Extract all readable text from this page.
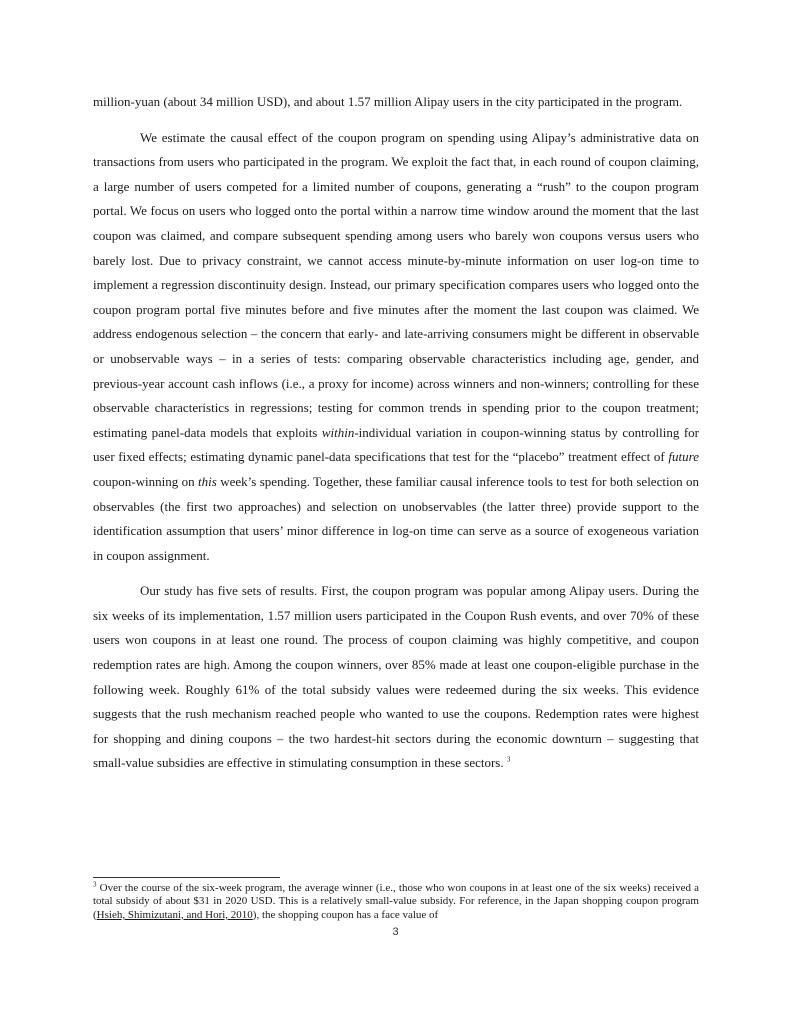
million-yuan (about 34 million USD), and about 1.57 million Alipay users in the city participated in the program.

We estimate the causal effect of the coupon program on spending using Alipay’s administrative data on transactions from users who participated in the program. We exploit the fact that, in each round of coupon claiming, a large number of users competed for a limited number of coupons, generating a “rush” to the coupon program portal. We focus on users who logged onto the portal within a narrow time window around the moment that the last coupon was claimed, and compare subsequent spending among users who barely won coupons versus users who barely lost. Due to privacy constraint, we cannot access minute-by-minute information on user log-on time to implement a regression discontinuity design. Instead, our primary specification compares users who logged onto the coupon program portal five minutes before and five minutes after the moment the last coupon was claimed. We address endogenous selection – the concern that early- and late-arriving consumers might be different in observable or unobservable ways – in a series of tests: comparing observable characteristics including age, gender, and previous-year account cash inflows (i.e., a proxy for income) across winners and non-winners; controlling for these observable characteristics in regressions; testing for common trends in spending prior to the coupon treatment; estimating panel-data models that exploits within-individual variation in coupon-winning status by controlling for user fixed effects; estimating dynamic panel-data specifications that test for the “placebo” treatment effect of future coupon-winning on this week’s spending. Together, these familiar causal inference tools to test for both selection on observables (the first two approaches) and selection on unobservables (the latter three) provide support to the identification assumption that users’ minor difference in log-on time can serve as a source of exogeneous variation in coupon assignment.

Our study has five sets of results. First, the coupon program was popular among Alipay users. During the six weeks of its implementation, 1.57 million users participated in the Coupon Rush events, and over 70% of these users won coupons in at least one round. The process of coupon claiming was highly competitive, and coupon redemption rates are high. Among the coupon winners, over 85% made at least one coupon-eligible purchase in the following week. Roughly 61% of the total subsidy values were redeemed during the six weeks. This evidence suggests that the rush mechanism reached people who wanted to use the coupons. Redemption rates were highest for shopping and dining coupons – the two hardest-hit sectors during the economic downturn – suggesting that small-value subsidies are effective in stimulating consumption in these sectors. $^3$

$^3$ Over the course of the six-week program, the average winner (i.e., those who won coupons in at least one of the six weeks) received a total subsidy of about $31 in 2020 USD. This is a relatively small-value subsidy. For reference, in the Japan shopping coupon program (Hsieh, Shimizutani, and Hori, 2010), the shopping coupon has a face value of

3
